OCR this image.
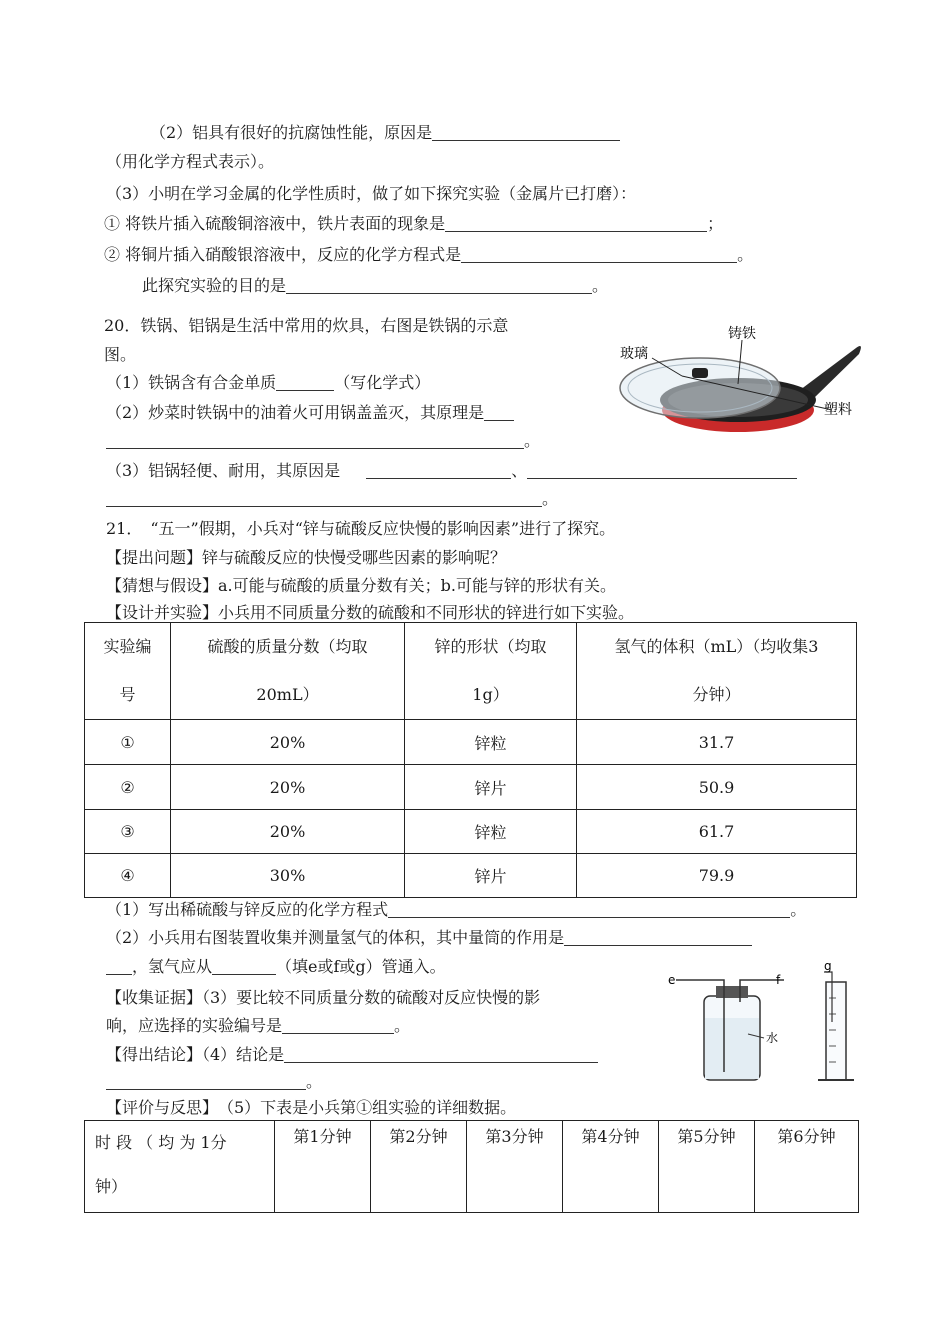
（2）铝具有很好的抗腐蚀性能，原因是
（用化学方程式表示）。
（3）小明在学习金属的化学性质时，做了如下探究实验（金属片已打磨）：
① 将铁片插入硫酸铜溶液中，铁片表面的现象是	；
② 将铜片插入硝酸银溶液中，反应的化学方程式是	。
此探究实验的目的是	。
20．铁锅、铝锅是生活中常用的炊具，右图是铁锅的示意
图。
（1）铁锅含有合金单质	（写化学式）
（2）炒菜时铁锅中的油着火可用锅盖盖灭，其原理是
。
（3）铝锅轻便、耐用，其原因是	、
。
玻璃
铸铁
塑料
21．　“五一”假期，小兵对“锌与硫酸反应快慢的影响因素”进行了探究。
【提出问题】锌与硫酸反应的快慢受哪些因素的影响呢？
【猜想与假设】a.可能与硫酸的质量分数有关；b.可能与锌的形状有关。
【设计并实验】小兵用不同质量分数的硫酸和不同形状的锌进行如下实验。
实验编
号	硫酸的质量分数（均取
20mL）	锌的形状（均取
1g）	氢气的体积（mL）（均收集3
分钟）
①	20%	锌粒	31.7
②	20%	锌片	50.9
③	20%	锌粒	61.7
④	30%	锌片	79.9
（1）写出稀硫酸与锌反应的化学方程式	。
（2）小兵用右图装置收集并测量氢气的体积，其中量筒的作用是
，氢气应从	（填e或f或g）管通入。
【收集证据】（3）要比较不同质量分数的硫酸对反应快慢的影
响，应选择的实验编号是	。
【得出结论】（4）结论是
。
e	f
g
水
【评价与反思】　（5）下表是小兵第①组实验的详细数据。
时 段 （ 均 为 1分
钟）	第1分钟	第2分钟	第3分钟	第4分钟	第5分钟	第6分钟
